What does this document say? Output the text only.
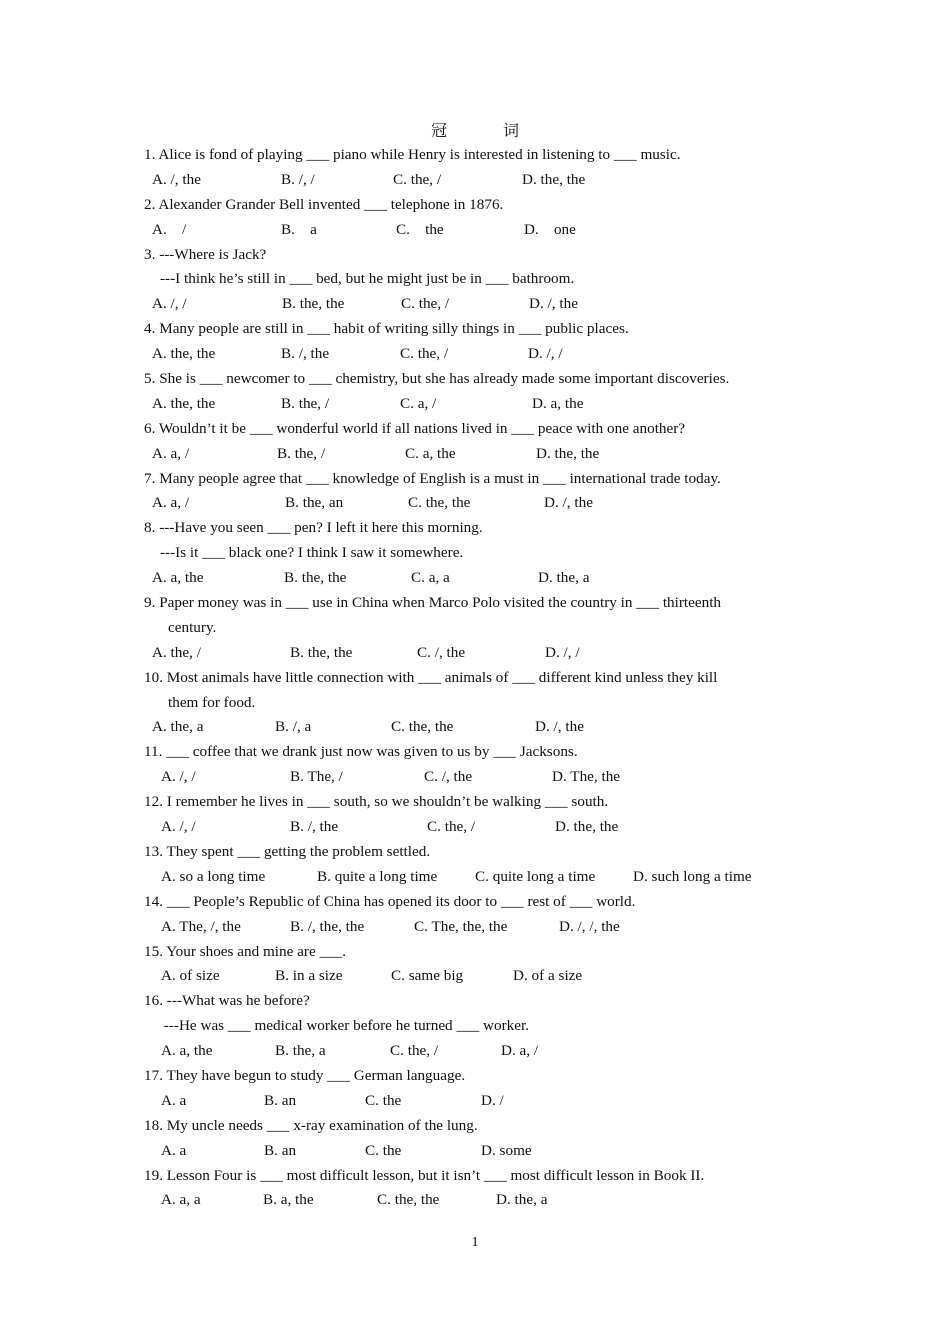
冠 词
1. Alice is fond of playing ___ piano while Henry is interested in listening to ___ music.
A. /, the	B. /, /	C. the, /	D. the, the
2. Alexander Grander Bell invented ___ telephone in 1876.
A.    /	B.    a	C.    the	D.    one
3. ---Where is Jack?
---I think he’s still in ___ bed, but he might just be in ___ bathroom.
A. /, /	B. the, the	C. the, /	D. /, the
4. Many people are still in ___ habit of writing silly things in ___ public places.
A. the, the	B. /, the	C. the, /	D. /, /
5. She is ___ newcomer to ___ chemistry, but she has already made some important discoveries.
A. the, the	B. the, /	C. a, /	D. a, the
6. Wouldn’t it be ___ wonderful world if all nations lived in ___ peace with one another?
A. a, /	B. the, /	C. a, the	D. the, the
7. Many people agree that ___ knowledge of English is a must in ___ international trade today.
A. a, /	B. the, an	C. the, the	D. /, the
8. ---Have you seen ___ pen? I left it here this morning.
---Is it ___ black one? I think I saw it somewhere.
A. a, the	B. the, the	C. a, a	D. the, a
9. Paper money was in ___ use in China when Marco Polo visited the country in ___ thirteenth
century.
A. the, /	B. the, the	C. /, the	D. /, /
10. Most animals have little connection with ___ animals of ___ different kind unless they kill
them for food.
A. the, a	B. /, a	C. the, the	D. /, the
11. ___ coffee that we drank just now was given to us by ___ Jacksons.
A. /, /	B. The, /	C. /, the	D. The, the
12. I remember he lives in ___ south, so we shouldn’t be walking ___ south.
A. /, /	B. /, the	C. the, /	D. the, the
13. They spent ___ getting the problem settled.
A. so a long time	B. quite a long time C. quite long a time D. such long a time
14. ___ People’s Republic of China has opened its door to ___ rest of ___ world.
A. The, /, the	B. /, the, the	C. The, the, the	D. /, /, the
15. Your shoes and mine are ___.
A. of size	B. in a size	C. same big	D. of a size
16. ---What was he before?
---He was ___ medical worker before he turned ___ worker.
A. a, the	B. the, a	C. the, /	D. a, /
17. They have begun to study ___ German language.
A. a	B. an	C. the	D. /
18. My uncle needs ___ x-ray examination of the lung.
A. a	B. an	C. the	D. some
19. Lesson Four is ___ most difficult lesson, but it isn’t ___ most difficult lesson in Book II.
A. a, a	B. a, the	C. the, the	D. the, a
1
